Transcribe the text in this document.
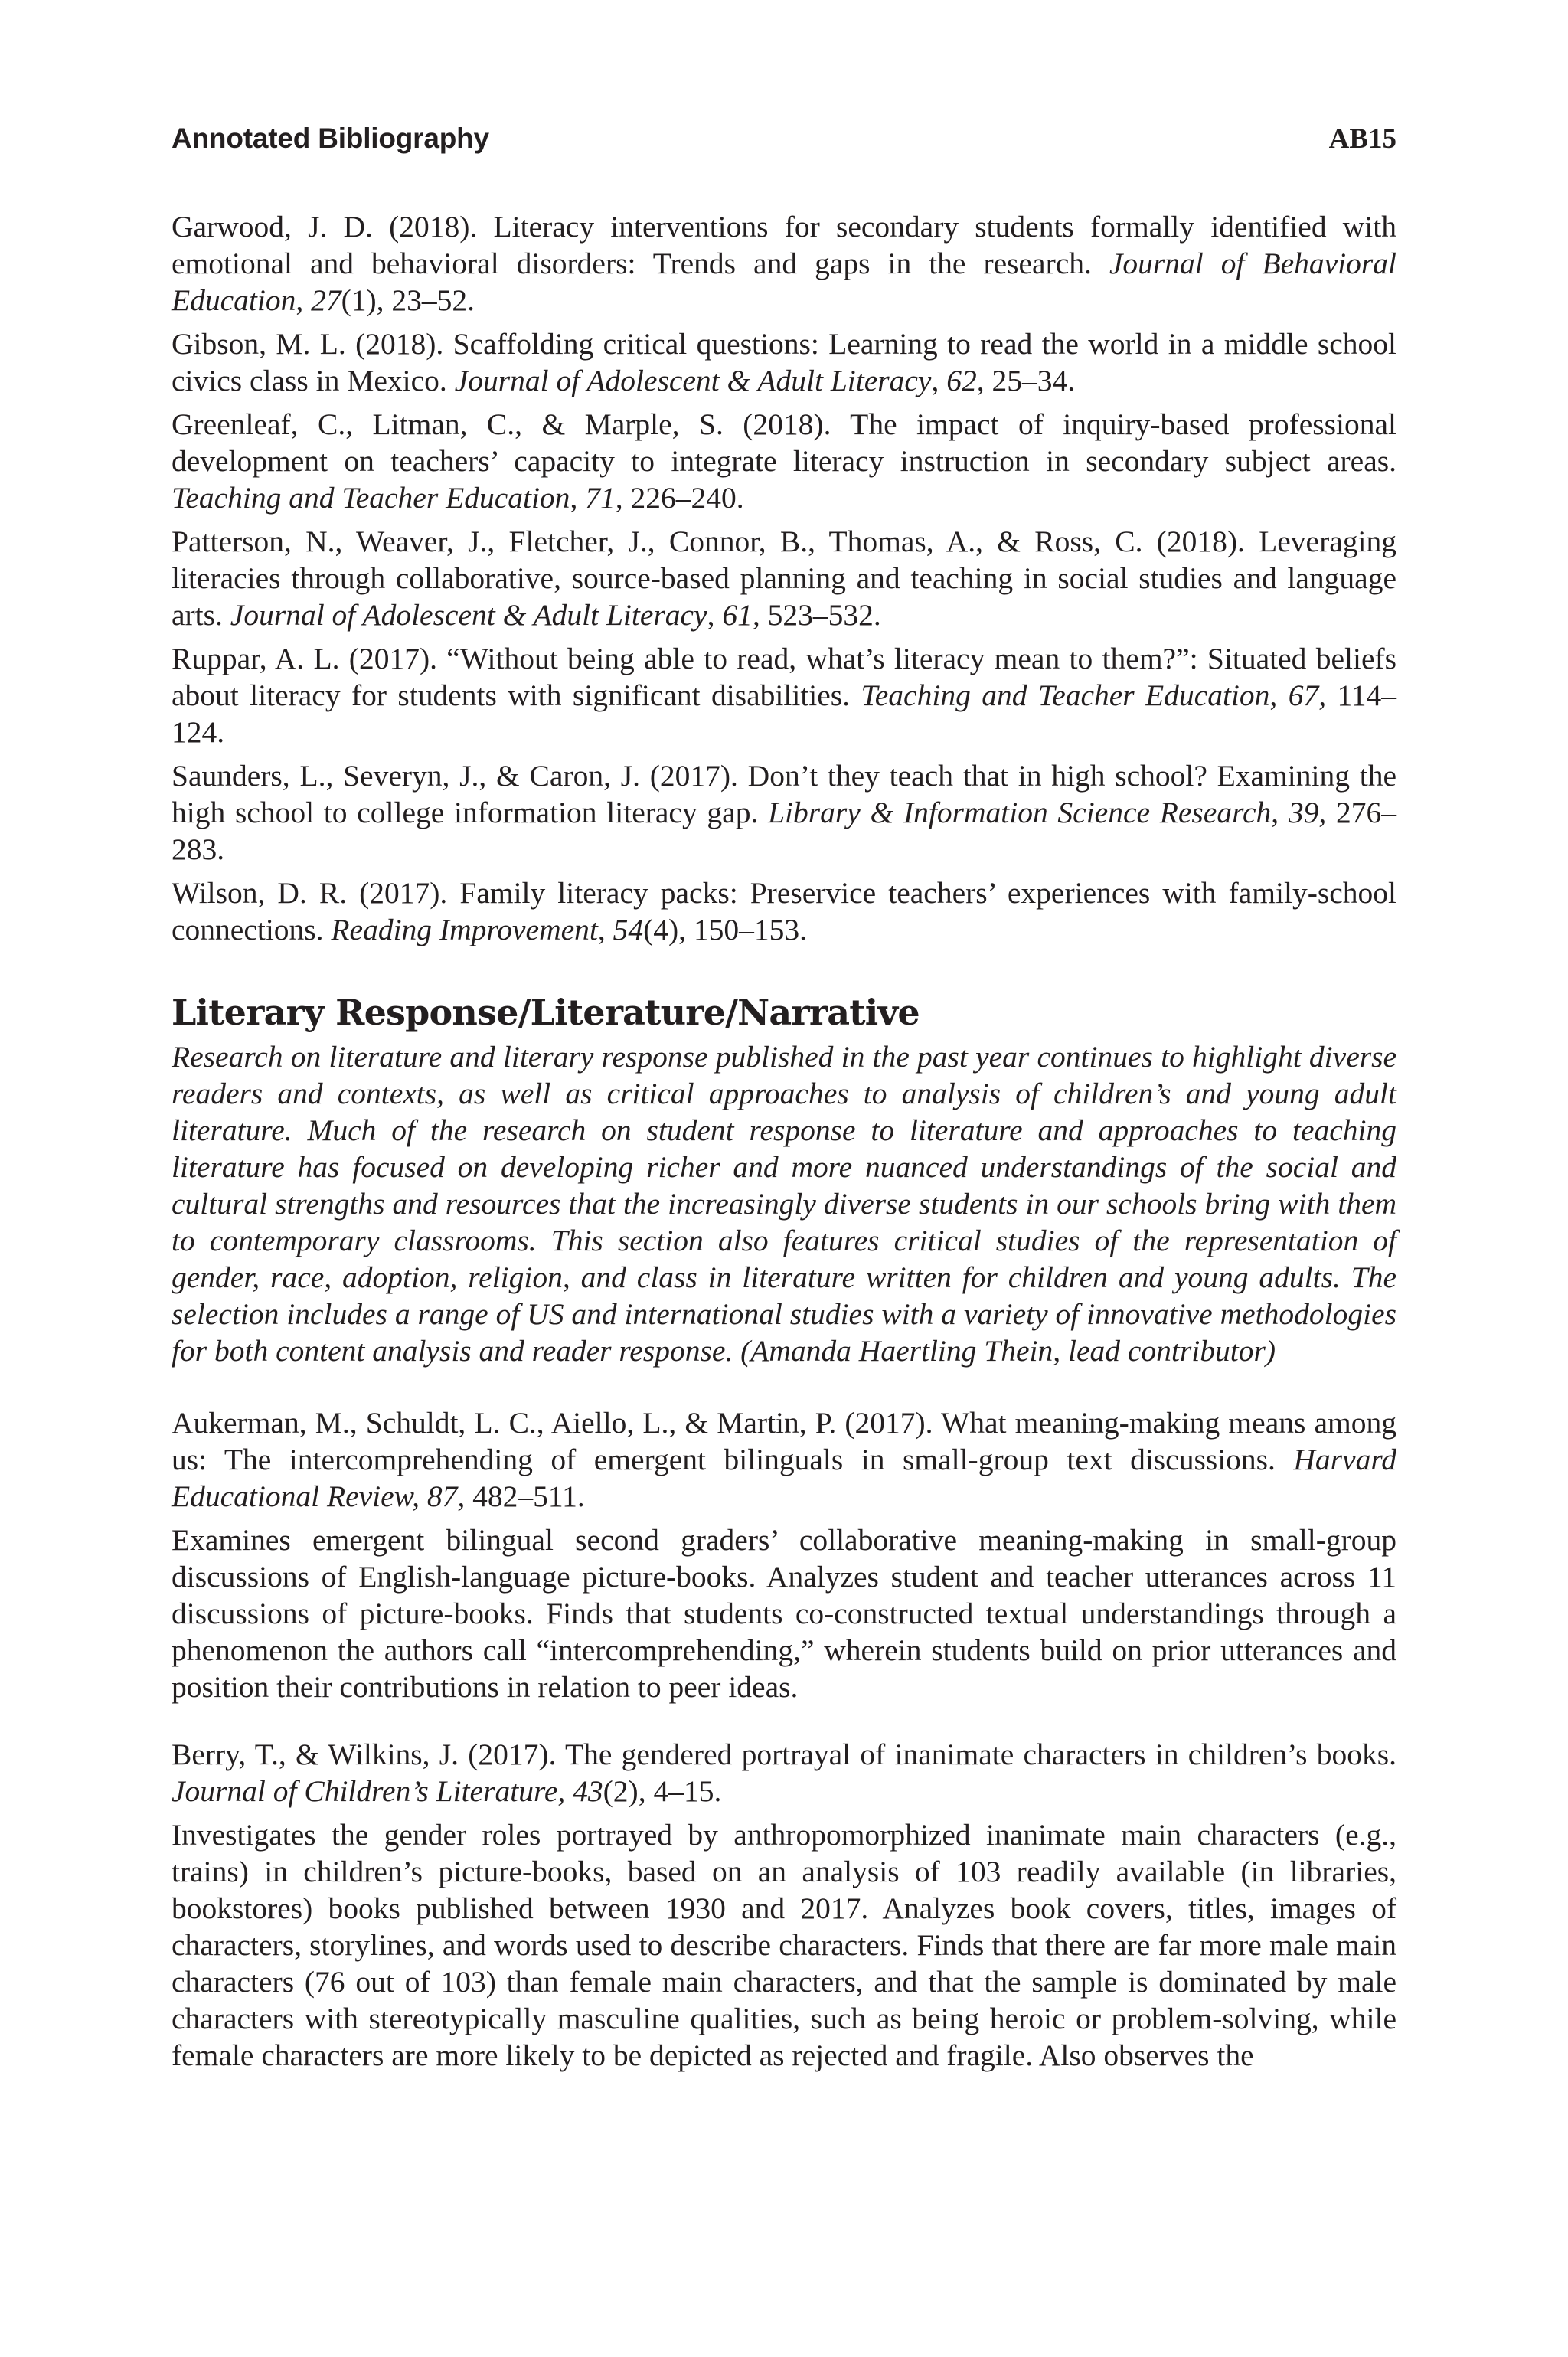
Annotated Bibliography	AB15

Garwood, J. D. (2018). Literacy interventions for secondary students formally identified with emotional and behavioral disorders: Trends and gaps in the research. Journal of Behavioral Education, 27(1), 23–52.

Gibson, M. L. (2018). Scaffolding critical questions: Learning to read the world in a middle school civics class in Mexico. Journal of Adolescent & Adult Literacy, 62, 25–34.

Greenleaf, C., Litman, C., & Marple, S. (2018). The impact of inquiry-based professional development on teachers’ capacity to integrate literacy instruction in secondary subject areas. Teaching and Teacher Education, 71, 226–240.

Patterson, N., Weaver, J., Fletcher, J., Connor, B., Thomas, A., & Ross, C. (2018). Leveraging literacies through collaborative, source-based planning and teaching in social studies and language arts. Journal of Adolescent & Adult Literacy, 61, 523–532.

Ruppar, A. L. (2017). “Without being able to read, what’s literacy mean to them?”: Situated beliefs about literacy for students with significant disabilities. Teaching and Teacher Education, 67, 114–124.

Saunders, L., Severyn, J., & Caron, J. (2017). Don’t they teach that in high school? Examining the high school to college information literacy gap. Library & Information Science Research, 39, 276–283.

Wilson, D. R. (2017). Family literacy packs: Preservice teachers’ experiences with family-school connections. Reading Improvement, 54(4), 150–153.

Literary Response/Literature/Narrative

Research on literature and literary response published in the past year continues to highlight diverse readers and contexts, as well as critical approaches to analysis of children’s and young adult literature. Much of the research on student response to literature and approaches to teaching literature has focused on developing richer and more nuanced understandings of the social and cultural strengths and resources that the increasingly diverse students in our schools bring with them to contemporary classrooms. This section also features critical studies of the representation of gender, race, adoption, religion, and class in literature written for children and young adults. The selection includes a range of US and international studies with a variety of innovative methodologies for both content analysis and reader response. (Amanda Haertling Thein, lead contributor)

Aukerman, M., Schuldt, L. C., Aiello, L., & Martin, P. (2017). What meaning-making means among us: The intercomprehending of emergent bilinguals in small-group text discussions. Harvard Educational Review, 87, 482–511.

Examines emergent bilingual second graders’ collaborative meaning-making in small-group discussions of English-language picture-books. Analyzes student and teacher utterances across 11 discussions of picture-books. Finds that students co-constructed textual understandings through a phenomenon the authors call “intercomprehending,” wherein students build on prior utterances and position their contributions in relation to peer ideas.

Berry, T., & Wilkins, J. (2017). The gendered portrayal of inanimate characters in children’s books. Journal of Children’s Literature, 43(2), 4–15.

Investigates the gender roles portrayed by anthropomorphized inanimate main characters (e.g., trains) in children’s picture-books, based on an analysis of 103 readily available (in libraries, bookstores) books published between 1930 and 2017. Analyzes book covers, titles, images of characters, storylines, and words used to describe characters. Finds that there are far more male main characters (76 out of 103) than female main characters, and that the sample is dominated by male characters with stereotypically masculine qualities, such as being heroic or problem-solving, while female characters are more likely to be depicted as rejected and fragile. Also observes the
